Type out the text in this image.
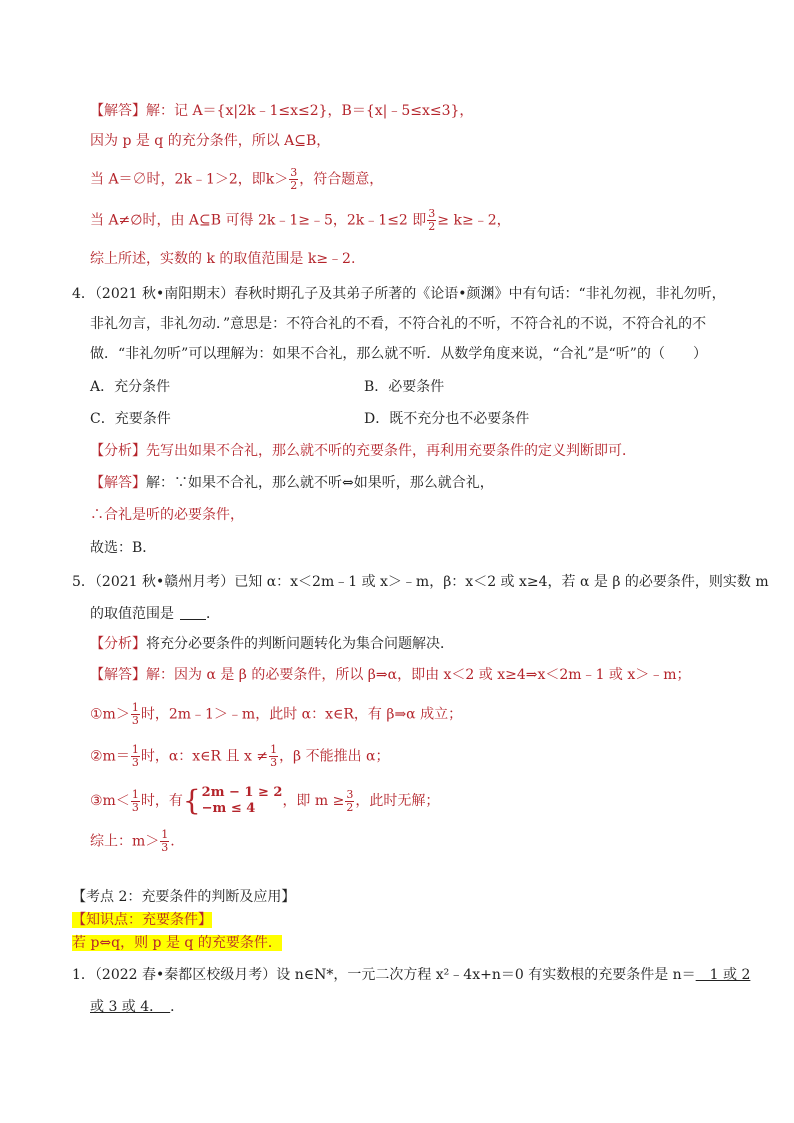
【解答】解：记 A＝{x|2k﹣1≤x≤2}，B＝{x|﹣5≤x≤3}，
因为 p 是 q 的充分条件，所以 A⊆B，
当 A＝∅时，2k﹣1＞2，即$k> \frac{3}{2}$ ，符合题意，
当 A≠∅时，由 A⊆B 可得 2k﹣1≥﹣5，2k﹣1≤2 即 $\frac{3}{2}$ ≥ k≥﹣2，
综上所述，实数的 k 的取值范围是 k≥﹣2.
4．（2021 秋•南阳期末）春秋时期孔子及其弟子所著的《论语•颜渊》中有句话：“非礼勿视，非礼勿听，
非礼勿言，非礼勿动．”意思是：不符合礼的不看，不符合礼的不听，不符合礼的不说，不符合礼的不
做．“非礼勿听”可以理解为：如果不合礼，那么就不听．从数学角度来说，“合礼”是“听”的（　　）
A．充分条件	B．必要条件
C．充要条件	D．既不充分也不必要条件
【分析】先写出如果不合礼，那么就不听的充要条件，再利用充要条件的定义判断即可．
【解答】解：∵如果不合礼，那么就不听⇔如果听，那么就合礼，
∴合礼是听的必要条件，
故选：B．
5．（2021 秋•赣州月考）已知 α：x＜2m﹣1 或 x＞﹣m，β：x＜2 或 x≥4，若 α 是 β 的必要条件，则实数 m
的取值范围是 ．
【分析】将充分必要条件的判断问题转化为集合问题解决．
【解答】解：因为 α 是 β 的必要条件，所以 β⇒α，即由 x＜2 或 x≥4⇒x＜2m﹣1 或 x＞﹣m；
①m＞ $\frac{1}{3}$ 时，2m﹣1＞﹣m，此时 α：x∈R，有 β⇒α 成立；
②m＝ $\frac{1}{3}$ 时，α：x∈R 且 $x \ne \frac{1}{3}$ ，β 不能推出 α；
③m＜ $\frac{1}{3}$ 时，有{ 2m − 1 ≥ 2
−m ≤ 4	，即 $m \ge \frac{3}{2}$ ，此时无解；
综上：$m> \frac{1}{3}$ .
【考点 2：充要条件的判断及应用】
【知识点：充要条件】
若 p⇔q，则 p 是 q 的充要条件．
1．（2022 春•秦都区校级月考）设 n∈N*，一元二次方程 x²﹣4x+n＝0 有实数根的充要条件是 n＝　1 或 2
或 3 或 4．　．
